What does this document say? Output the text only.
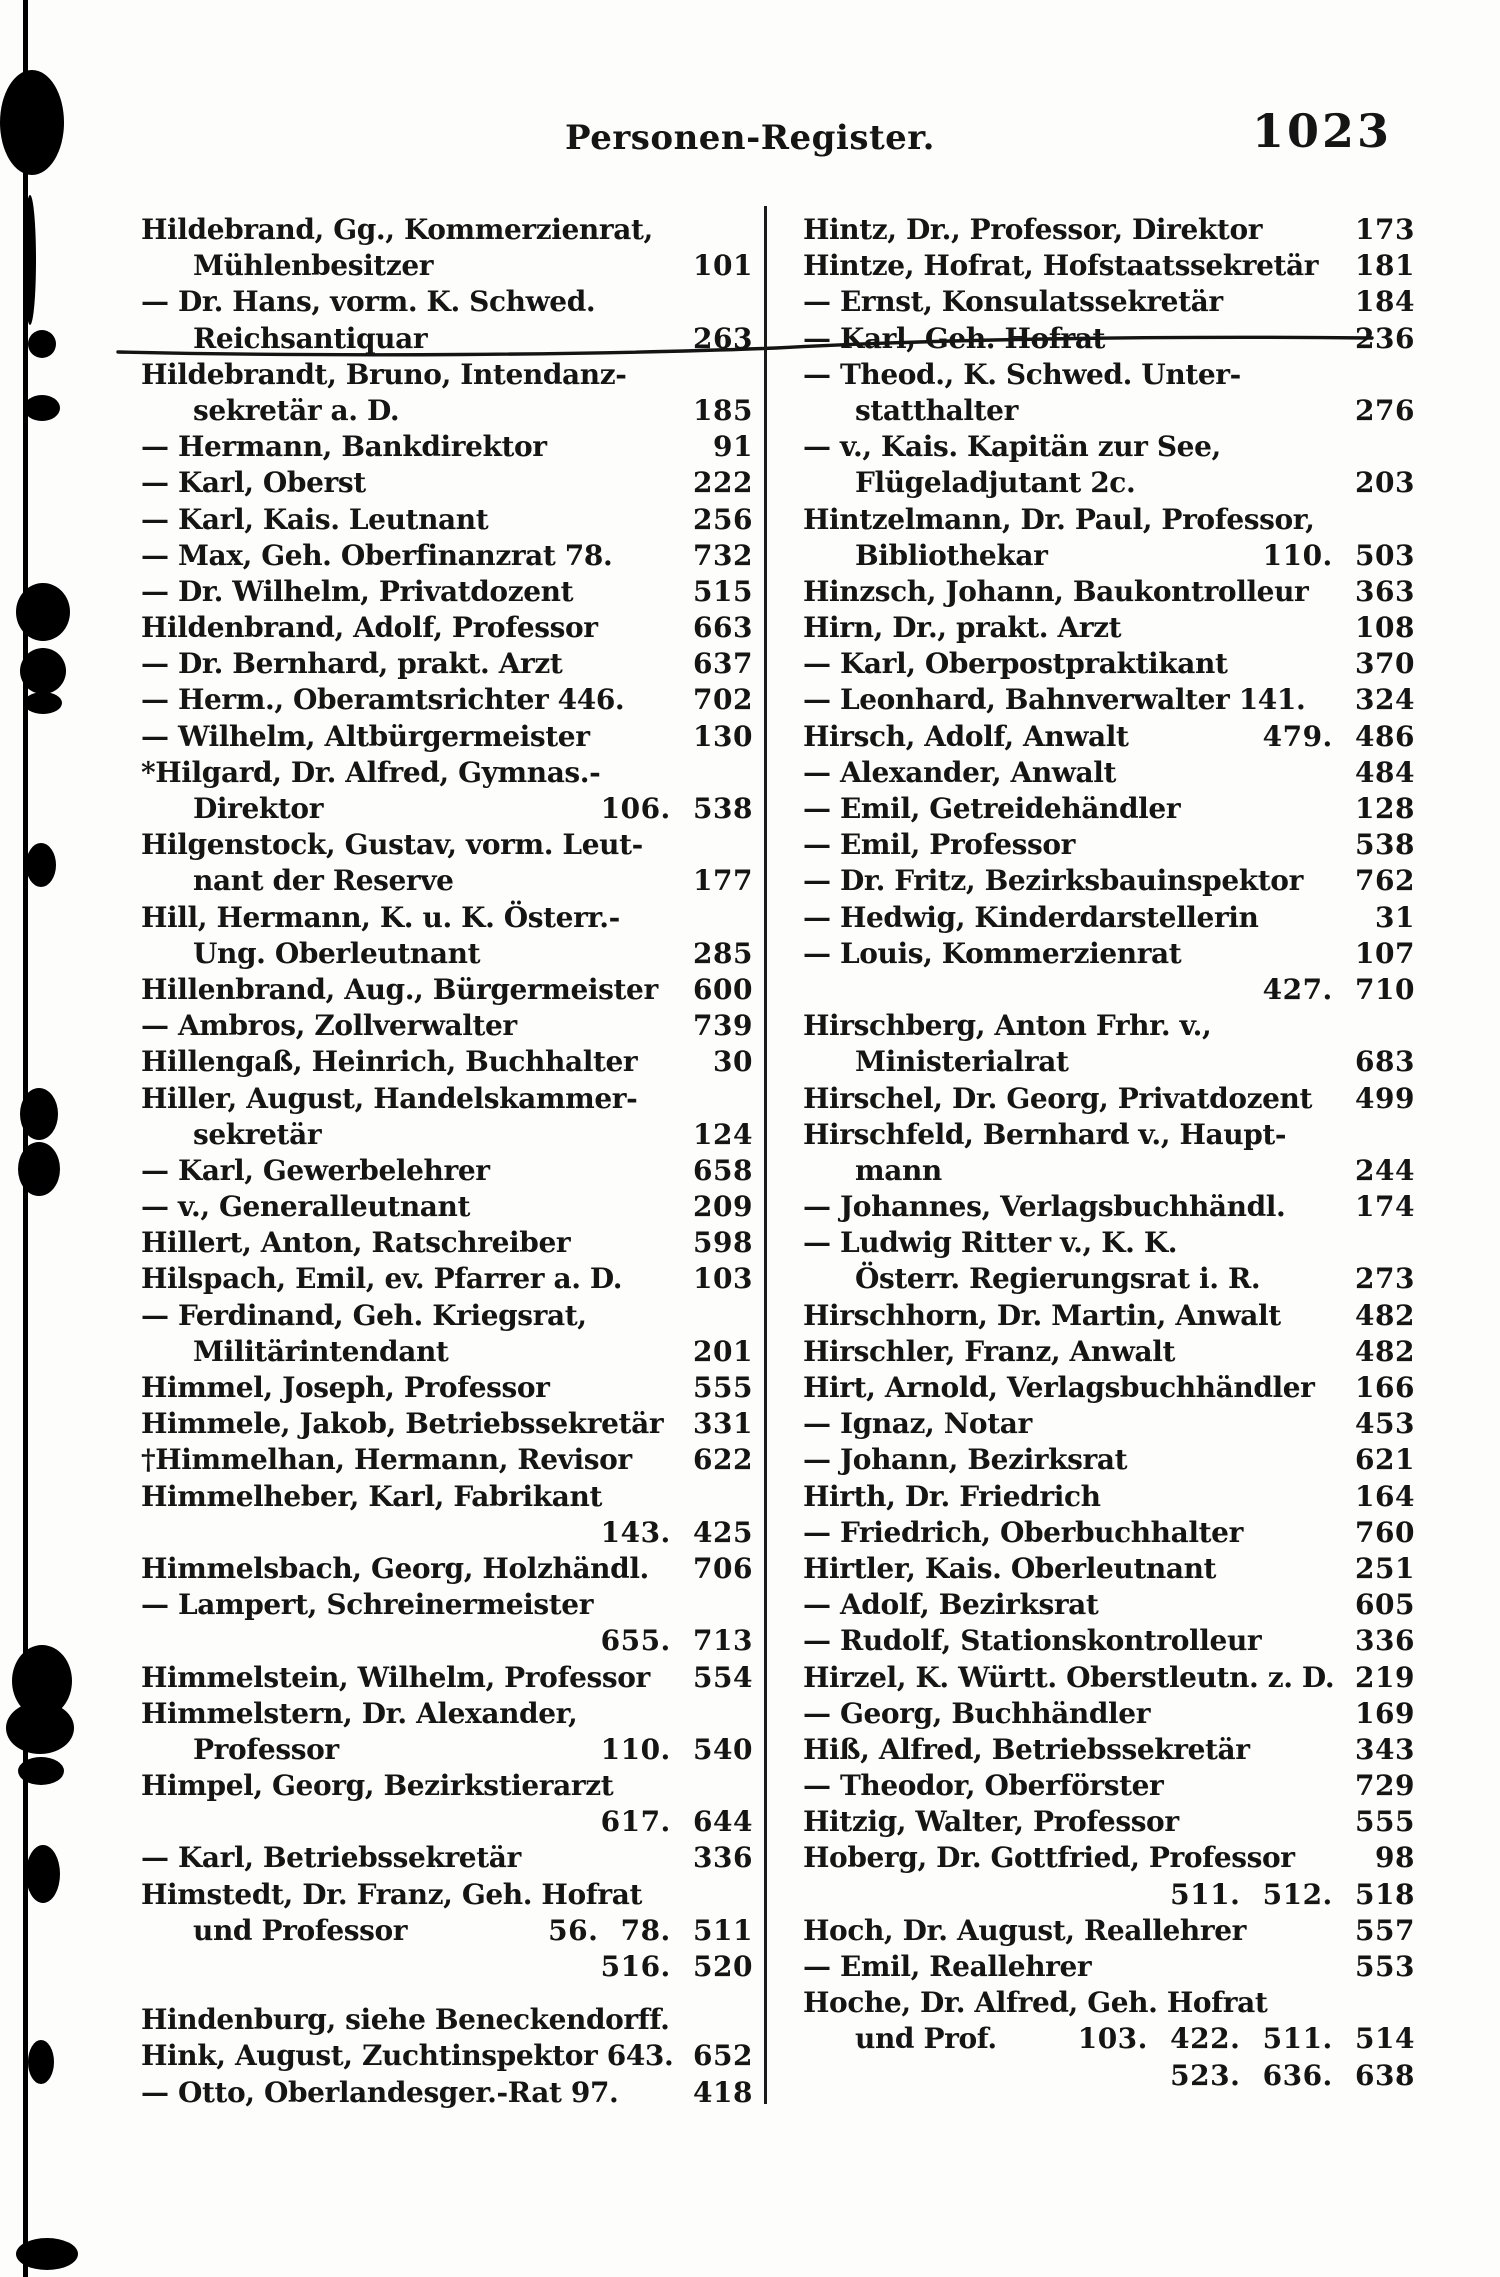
Personen-Register.	1023
Hildebrand, Gg., Kommerzienrat,
Mühlenbesitzer	101
— Dr. Hans, vorm. K. Schwed.
Reichsantiquar	263
Hildebrandt, Bruno, Intendanz-
sekretär a. D.	185
— Hermann, Bankdirektor	91
— Karl, Oberst	222
— Karl, Kais. Leutnant	256
— Max, Geh. Oberfinanzrat 78.	732
— Dr. Wilhelm, Privatdozent	515
Hildenbrand, Adolf, Professor	663
— Dr. Bernhard, prakt. Arzt	637
— Herm., Oberamtsrichter 446.	702
— Wilhelm, Altbürgermeister	130
*Hilgard, Dr. Alfred, Gymnas.-
Direktor	106. 538
Hilgenstock, Gustav, vorm. Leut-
nant der Reserve	177
Hill, Hermann, K. u. K. Österr.-
Ung. Oberleutnant	285
Hillenbrand, Aug., Bürgermeister	600
— Ambros, Zollverwalter	739
Hillengaß, Heinrich, Buchhalter	30
Hiller, August, Handelskammer-
sekretär	124
— Karl, Gewerbelehrer	658
— v., Generalleutnant	209
Hillert, Anton, Ratschreiber	598
Hilspach, Emil, ev. Pfarrer a. D.	103
— Ferdinand, Geh. Kriegsrat,
Militärintendant	201
Himmel, Joseph, Professor	555
Himmele, Jakob, Betriebssekretär	331
†Himmelhan, Hermann, Revisor	622
Himmelheber, Karl, Fabrikant
143. 425
Himmelsbach, Georg, Holzhändl.	706
— Lampert, Schreinermeister
655. 713
Himmelstein, Wilhelm, Professor	554
Himmelstern, Dr. Alexander,
Professor	110. 540
Himpel, Georg, Bezirkstierarzt
617. 644
— Karl, Betriebssekretär	336
Himstedt, Dr. Franz, Geh. Hofrat
und Professor	56. 78. 511
516. 520
Hindenburg, siehe Beneckendorff.
Hink, August, Zuchtinspektor 643. 652
— Otto, Oberlandesger.-Rat 97.	418
Hintz, Dr., Professor, Direktor	173
Hintze, Hofrat, Hofstaatssekretär	181
— Ernst, Konsulatssekretär	184
— Karl, Geh. Hofrat	236
— Theod., K. Schwed. Unter-
statthalter	276
— v., Kais. Kapitän zur See,
Flügeladjutant 2c.	203
Hintzelmann, Dr. Paul, Professor,
Bibliothekar	110. 503
Hinzsch, Johann, Baukontrolleur	363
Hirn, Dr., prakt. Arzt	108
— Karl, Oberpostpraktikant	370
— Leonhard, Bahnverwalter 141.	324
Hirsch, Adolf, Anwalt	479. 486
— Alexander, Anwalt	484
— Emil, Getreidehändler	128
— Emil, Professor	538
— Dr. Fritz, Bezirksbauinspektor	762
— Hedwig, Kinderdarstellerin	31
— Louis, Kommerzienrat	107
427. 710
Hirschberg, Anton Frhr. v.,
Ministerialrat	683
Hirschel, Dr. Georg, Privatdozent	499
Hirschfeld, Bernhard v., Haupt-
mann	244
— Johannes, Verlagsbuchhändl.	174
— Ludwig Ritter v., K. K.
Österr. Regierungsrat i. R.	273
Hirschhorn, Dr. Martin, Anwalt	482
Hirschler, Franz, Anwalt	482
Hirt, Arnold, Verlagsbuchhändler	166
— Ignaz, Notar	453
— Johann, Bezirksrat	621
Hirth, Dr. Friedrich	164
— Friedrich, Oberbuchhalter	760
Hirtler, Kais. Oberleutnant	251
— Adolf, Bezirksrat	605
— Rudolf, Stationskontrolleur	336
Hirzel, K. Württ. Oberstleutn. z. D. 219
— Georg, Buchhändler	169
Hiß, Alfred, Betriebssekretär	343
— Theodor, Oberförster	729
Hitzig, Walter, Professor	555
Hoberg, Dr. Gottfried, Professor	98
511. 512. 518
Hoch, Dr. August, Reallehrer	557
— Emil, Reallehrer	553
Hoche, Dr. Alfred, Geh. Hofrat
und Prof.	103. 422. 511. 514
523. 636. 638
